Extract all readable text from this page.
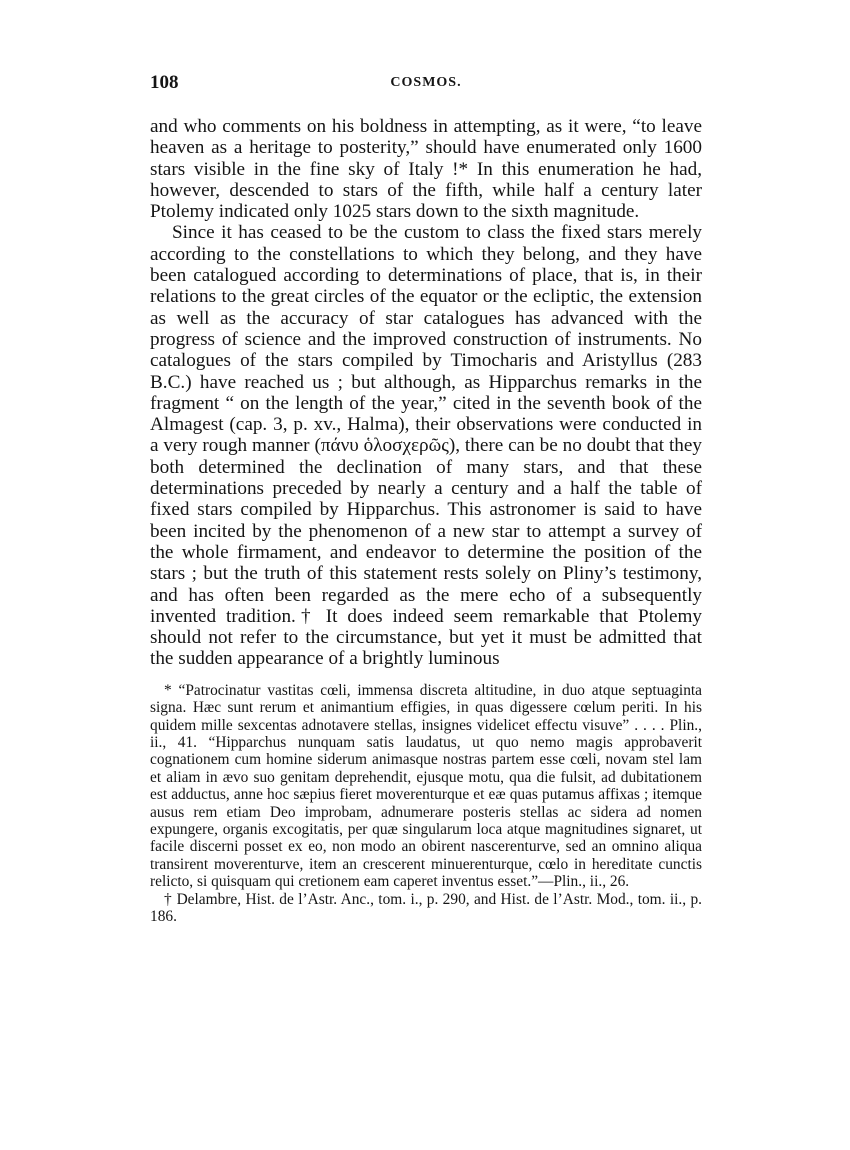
108	COSMOS.

and who comments on his boldness in attempting, as it were, “to leave heaven as a heritage to posterity,” should have enumerated only 1600 stars visible in the fine sky of Italy !* In this enumeration he had, however, descended to stars of the fifth, while half a century later Ptolemy indicated only 1025 stars down to the sixth magnitude.

Since it has ceased to be the custom to class the fixed stars merely according to the constellations to which they belong, and they have been catalogued according to determinations of place, that is, in their relations to the great circles of the equator or the ecliptic, the extension as well as the accuracy of star catalogues has advanced with the progress of science and the improved construction of instruments. No catalogues of the stars compiled by Timocharis and Aristyllus (283 B.C.) have reached us ; but although, as Hipparchus remarks in the fragment “ on the length of the year,” cited in the seventh book of the Almagest (cap. 3, p. xv., Halma), their observations were conducted in a very rough manner (πάνυ ὁλοσχερῶς), there can be no doubt that they both determined the declination of many stars, and that these determinations preceded by nearly a century and a half the table of fixed stars compiled by Hipparchus. This astronomer is said to have been incited by the phenomenon of a new star to attempt a survey of the whole firmament, and endeavor to determine the position of the stars ; but the truth of this statement rests solely on Pliny’s testimony, and has often been regarded as the mere echo of a subsequently invented tradition.† It does indeed seem remarkable that Ptolemy should not refer to the circumstance, but yet it must be admitted that the sudden appearance of a brightly luminous

* “Patrocinatur vastitas cœli, immensa discreta altitudine, in duo atque septuaginta signa. Hæc sunt rerum et animantium effigies, in quas digessere cœlum periti. In his quidem mille sexcentas adnotavere stellas, insignes videlicet effectu visuve” . . . . Plin., ii., 41. “Hipparchus nunquam satis laudatus, ut quo nemo magis approbaverit cognationem cum homine siderum animasque nostras partem esse cœli, novam stel lam et aliam in ævo suo genitam deprehendit, ejusque motu, qua die fulsit, ad dubitationem est adductus, anne hoc sæpius fieret moverenturque et eæ quas putamus affixas ; itemque ausus rem etiam Deo improbam, adnumerare posteris stellas ac sidera ad nomen expungere, organis excogitatis, per quæ singularum loca atque magnitudines signaret, ut facile discerni posset ex eo, non modo an obirent nascerenturve, sed an omnino aliqua transirent moverenturve, item an crescerent minuerenturque, cœlo in hereditate cunctis relicto, si quisquam qui cretionem eam caperet inventus esset.”—Plin., ii., 26.

† Delambre, Hist. de l’Astr. Anc., tom. i., p. 290, and Hist. de l’Astr. Mod., tom. ii., p. 186.
